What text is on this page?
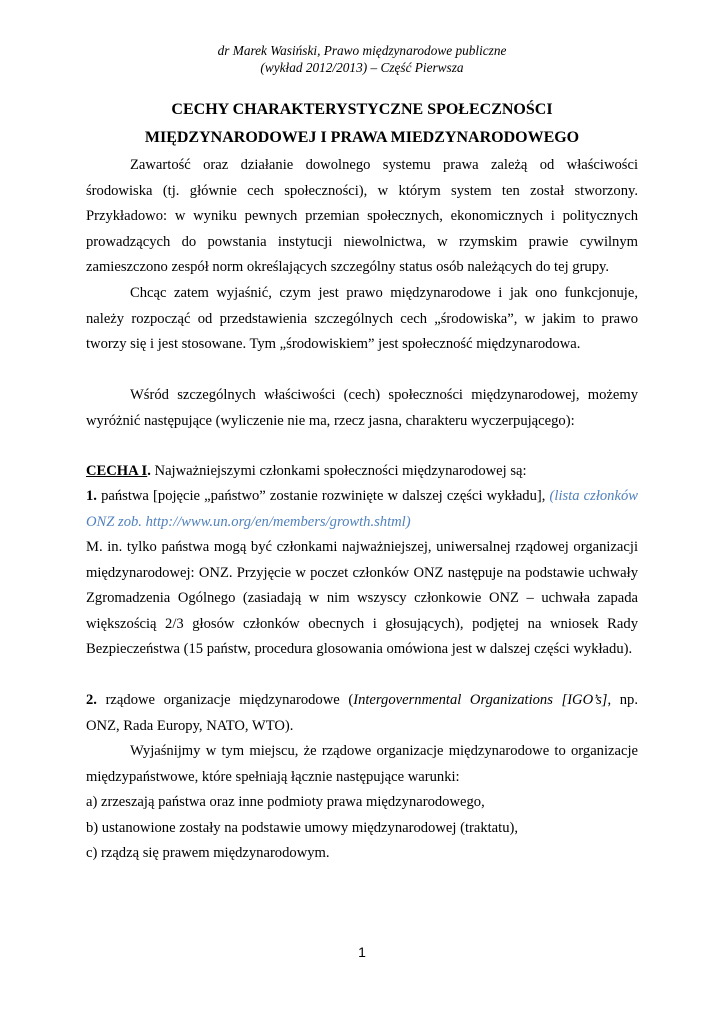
dr Marek Wasiński, Prawo międzynarodowe publiczne
(wykład 2012/2013) – Część Pierwsza
CECHY CHARAKTERYSTYCZNE SPOŁECZNOŚCI
MIĘDZYNARODOWEJ I PRAWA MIEDZYNARODOWEGO
Zawartość oraz działanie dowolnego systemu prawa zależą od właściwości środowiska (tj. głównie cech społeczności), w którym system ten został stworzony. Przykładowo: w wyniku pewnych przemian społecznych, ekonomicznych i politycznych prowadzących do powstania instytucji niewolnictwa, w rzymskim prawie cywilnym zamieszczono zespół norm określających szczególny status osób należących do tej grupy.
Chcąc zatem wyjaśnić, czym jest prawo międzynarodowe i jak ono funkcjonuje, należy rozpocząć od przedstawienia szczególnych cech „środowiska”, w jakim to prawo tworzy się i jest stosowane. Tym „środowiskiem” jest społeczność międzynarodowa.
Wśród szczególnych właściwości (cech) społeczności międzynarodowej, możemy wyróżnić następujące (wyliczenie nie ma, rzecz jasna, charakteru wyczerpującego):
CECHA I. Najważniejszymi członkami społeczności międzynarodowej są:
1. państwa [pojęcie „państwo” zostanie rozwinięte w dalszej części wykładu], (lista członków ONZ zob. http://www.un.org/en/members/growth.shtml)
M. in. tylko państwa mogą być członkami najważniejszej, uniwersalnej rządowej organizacji międzynarodowej: ONZ. Przyjęcie w poczet członków ONZ następuje na podstawie uchwały Zgromadzenia Ogólnego (zasiadają w nim wszyscy członkowie ONZ – uchwała zapada większością 2/3 głosów członków obecnych i głosujących), podjętej na wniosek Rady Bezpieczeństwa (15 państw, procedura glosowania omówiona jest w dalszej części wykładu).
2. rządowe organizacje międzynarodowe (Intergovernmental Organizations [IGO’s], np. ONZ, Rada Europy, NATO, WTO).
Wyjaśnijmy w tym miejscu, że rządowe organizacje międzynarodowe to organizacje międzypaństwowe, które spełniają łącznie następujące warunki:
a) zrzeszają państwa oraz inne podmioty prawa międzynarodowego,
b) ustanowione zostały na podstawie umowy międzynarodowej (traktatu),
c) rządzą się prawem międzynarodowym.
1
